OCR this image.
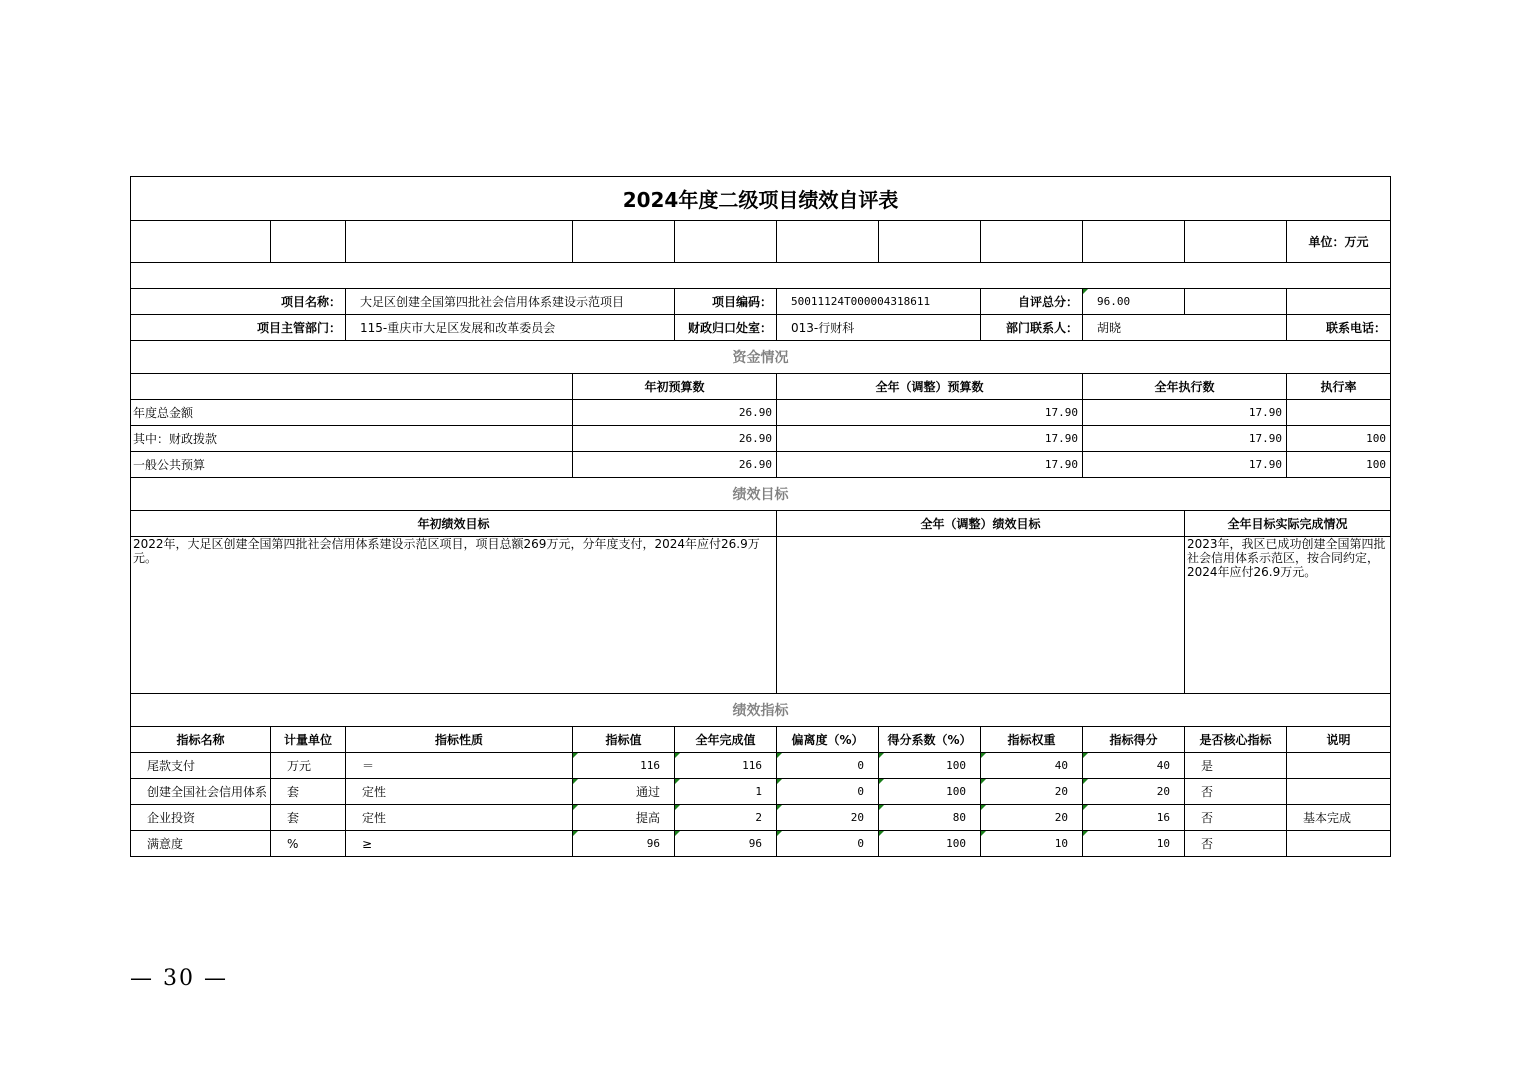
2024年度二级项目绩效自评表											
										单位：万元	

项目名称：		大足区创建全国第四批社会信用体系建设示范项目		项目编码：	50011124T000004318611		自评总分：	96.00			
项目主管部门：		115-重庆市大足区发展和改革委员会		财政归口处室：	013-行财科		部门联系人：	胡晓		联系电话：	
资金情况											
			年初预算数		全年（调整）预算数			全年执行数		执行率		
年度总金额			26.90		17.90			17.90			
其中：财政拨款			26.90		17.90			17.90		100		
一般公共预算			26.90		17.90			17.90		100		
绩效目标											
年初绩效目标					全年（调整）绩效目标				全年目标实际完成情况		
2022年，大足区创建全国第四批社会信用体系建设示范区项目，项目总额269万元，分年度支付，2024年应付26.9万元。									2023年，我区已成功创建全国第四批社会信用体系示范区，按合同约定，2024年应付26.9万元。		
绩效指标											
指标名称	计量单位	指标性质	指标值	全年完成值	偏离度（%）	得分系数（%）	指标权重	指标得分	是否核心指标	说明	
尾款支付	万元	＝	116	116	0	100	40	40	是		
创建全国社会信用体系	套	定性	通过	1	0	100	20	20	否		
企业投资	套	定性	提高	2	20	80	20	16	否	基本完成	
满意度	%	≥	96	96	0	100	10	10	否		
— 30 —
